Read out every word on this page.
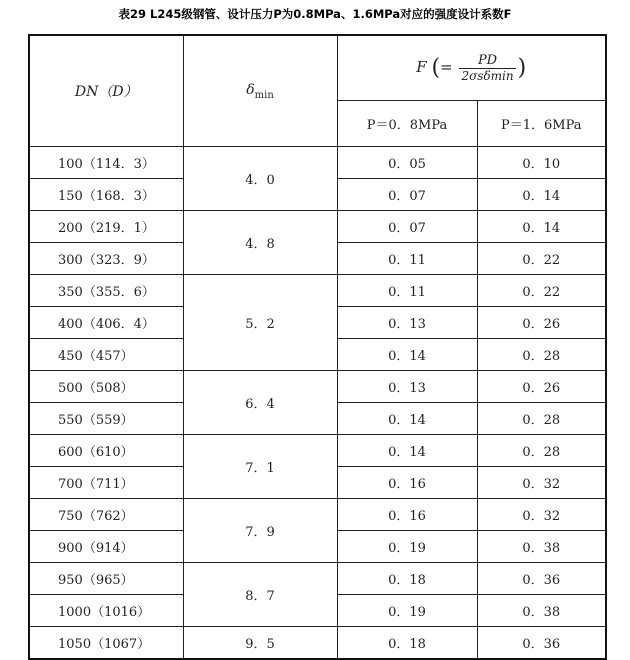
表29 L245级钢管、设计压力P为0.8MPa、1.6MPa对应的强度设计系数F
DN（D）	$\delta_{min}$	F (= $\frac{PD}{\text{2σsδmin}}$ )	
		P＝0．8MPa	P＝1．6MPa
100（114．3）	4．0	0．05	0．10
150（168．3）		0．07	0．14
200（219．1）	4．8	0．07	0．14
300（323．9）		0．11	0．22
350（355．6）	5．2	0．11	0．22
400（406．4）		0．13	0．26
450（457）		0．14	0．28
500（508）	6．4	0．13	0．26
550（559）		0．14	0．28
600（610）	7．1	0．14	0．28
700（711）		0．16	0．32
750（762）	7．9	0．16	0．32
900（914）		0．19	0．38
950（965）	8．7	0．18	0．36
1000（1016）		0．19	0．38
1050（1067）	9．5	0．18	0．36
